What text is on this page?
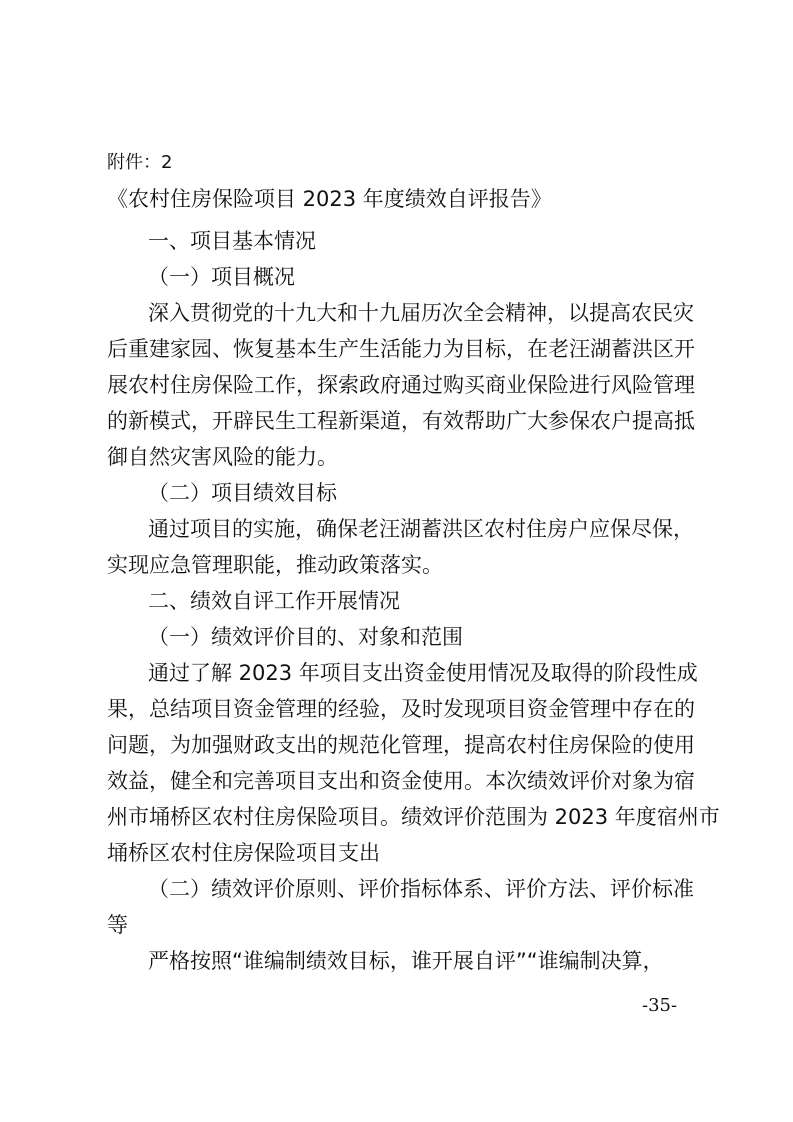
附件：2

《农村住房保险项目 2023 年度绩效自评报告》

一、项目基本情况

（一）项目概况

深入贯彻党的十九大和十九届历次全会精神，以提高农民灾

后重建家园、恢复基本生产生活能力为目标，在老汪湖蓄洪区开

展农村住房保险工作，探索政府通过购买商业保险进行风险管理

的新模式，开辟民生工程新渠道，有效帮助广大参保农户提高抵

御自然灾害风险的能力。

（二）项目绩效目标

通过项目的实施，确保老汪湖蓄洪区农村住房户应保尽保，

实现应急管理职能，推动政策落实。

二、绩效自评工作开展情况

（一）绩效评价目的、对象和范围

通过了解 2023 年项目支出资金使用情况及取得的阶段性成

果，总结项目资金管理的经验，及时发现项目资金管理中存在的

问题，为加强财政支出的规范化管理，提高农村住房保险的使用

效益，健全和完善项目支出和资金使用。本次绩效评价对象为宿

州市埇桥区农村住房保险项目。绩效评价范围为 2023 年度宿州市

埇桥区农村住房保险项目支出

（二）绩效评价原则、评价指标体系、评价方法、评价标准

等

严格按照“谁编制绩效目标，谁开展自评”“谁编制决算，

-35-
